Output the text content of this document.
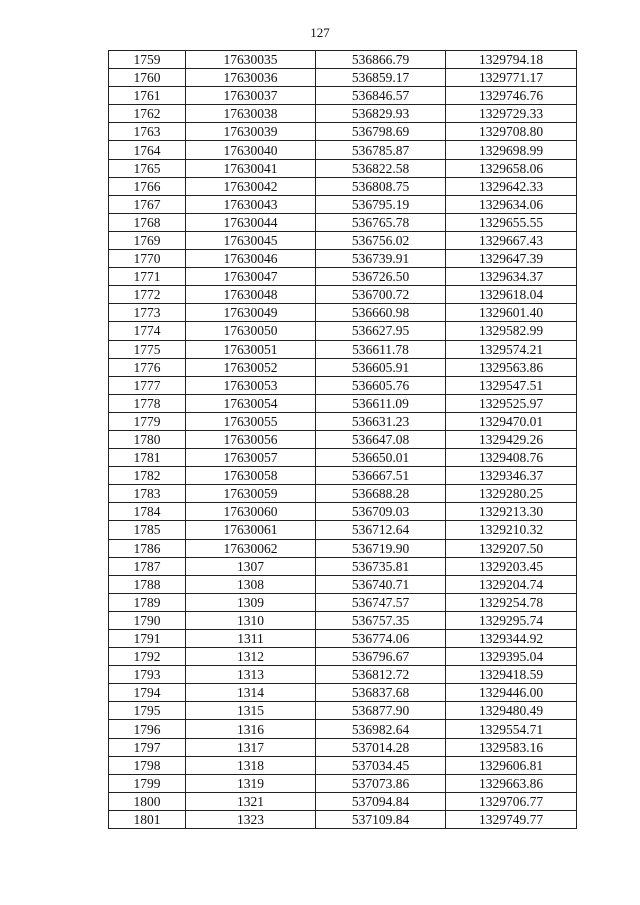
127
1759	17630035	536866.79	1329794.18
1760	17630036	536859.17	1329771.17
1761	17630037	536846.57	1329746.76
1762	17630038	536829.93	1329729.33
1763	17630039	536798.69	1329708.80
1764	17630040	536785.87	1329698.99
1765	17630041	536822.58	1329658.06
1766	17630042	536808.75	1329642.33
1767	17630043	536795.19	1329634.06
1768	17630044	536765.78	1329655.55
1769	17630045	536756.02	1329667.43
1770	17630046	536739.91	1329647.39
1771	17630047	536726.50	1329634.37
1772	17630048	536700.72	1329618.04
1773	17630049	536660.98	1329601.40
1774	17630050	536627.95	1329582.99
1775	17630051	536611.78	1329574.21
1776	17630052	536605.91	1329563.86
1777	17630053	536605.76	1329547.51
1778	17630054	536611.09	1329525.97
1779	17630055	536631.23	1329470.01
1780	17630056	536647.08	1329429.26
1781	17630057	536650.01	1329408.76
1782	17630058	536667.51	1329346.37
1783	17630059	536688.28	1329280.25
1784	17630060	536709.03	1329213.30
1785	17630061	536712.64	1329210.32
1786	17630062	536719.90	1329207.50
1787	1307	536735.81	1329203.45
1788	1308	536740.71	1329204.74
1789	1309	536747.57	1329254.78
1790	1310	536757.35	1329295.74
1791	1311	536774.06	1329344.92
1792	1312	536796.67	1329395.04
1793	1313	536812.72	1329418.59
1794	1314	536837.68	1329446.00
1795	1315	536877.90	1329480.49
1796	1316	536982.64	1329554.71
1797	1317	537014.28	1329583.16
1798	1318	537034.45	1329606.81
1799	1319	537073.86	1329663.86
1800	1321	537094.84	1329706.77
1801	1323	537109.84	1329749.77
